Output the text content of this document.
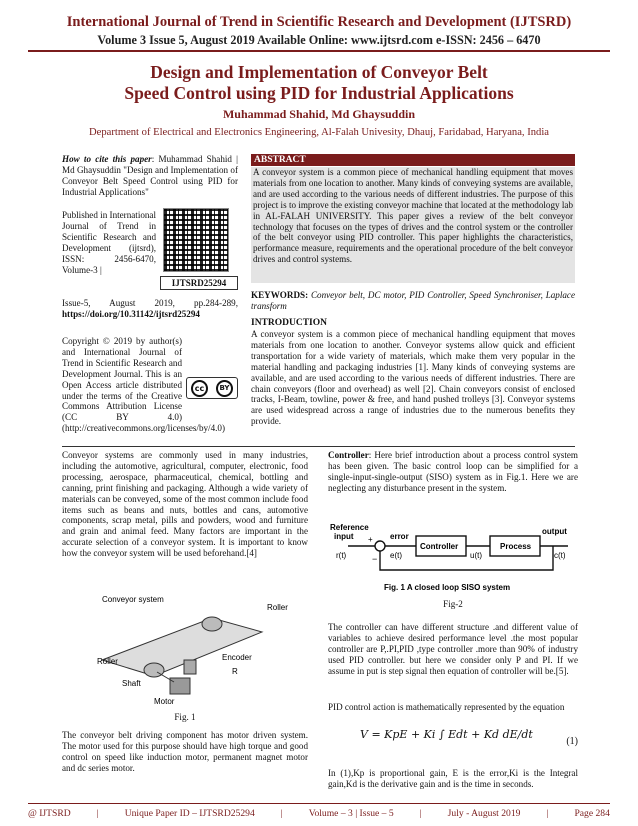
International Journal of Trend in Scientific Research and Development (IJTSRD)
Volume 3 Issue 5, August 2019 Available Online: www.ijtsrd.com e-ISSN: 2456 – 6470
Design and Implementation of Conveyor Belt
Speed Control using PID for Industrial Applications
Muhammad Shahid, Md Ghaysuddin
Department of Electrical and Electronics Engineering, Al-Falah Univesity, Dhauj, Faridabad, Haryana, India
How to cite this paper: Muhammad Shahid | Md Ghaysuddin "Design and Implementation of Conveyor Belt Speed Control using PID for Industrial Applications"
Published in International Journal of Trend in Scientific Research and Development (ijtsrd), ISSN: 2456-6470, Volume-3 |
IJTSRD25294
Issue-5, August 2019, pp.284-289, https://doi.org/10.31142/ijtsrd25294
Copyright © 2019 by author(s) and International Journal of Trend in Scientific Research and Development Journal. This is an Open Access article distributed under the terms of the Creative Commons Attribution License (CC BY 4.0) (http://creativecommons.org/licenses/by/4.0)
cc	BY
ABSTRACT
A conveyor system is a common piece of mechanical handling equipment that moves materials from one location to another. Many kinds of conveying systems are available, and are used according to the various needs of different industries. The purpose of this project is to improve the existing conveyor machine that located at the methodology lab in AL-FALAH UNIVERSITY. This paper gives a review of the belt conveyor technology that focuses on the types of drives and the control system or the controller of the belt conveyor using PID controller. This paper highlights the characteristics, performance measure, requirements and the operational procedure of the belt conveyor drives and control systems.
KEYWORDS: Conveyor belt, DC motor, PID Controller, Speed Synchroniser, Laplace transform
INTRODUCTION
A conveyor system is a common piece of mechanical handling equipment that moves materials from one location to another. Conveyor systems allow quick and efficient transportation for a wide variety of materials, which make them very popular in the material handling and packaging industries [1]. Many kinds of conveying systems are available, and are used according to the various needs of different industries. There are chain conveyors (floor and overhead) as well [2]. Chain conveyors consist of enclosed tracks, I-Beam, towline, power & free, and hand pushed trolleys [3]. Conveyor systems are used widespread across a range of industries due to the numerous benefits they provide.
Conveyor systems are commonly used in many industries, including the automotive, agricultural, computer, electronic, food processing, aerospace, pharmaceutical, chemical, bottling and canning, print finishing and packaging. Although a wide variety of materials can be conveyed, some of the most common include food items such as beans and nuts, bottles and cans, automotive components, scrap metal, pills and powders, wood and furniture and grain and animal feed. Many factors are important in the accurate selection of a conveyor system. It is important to know how the conveyor system will be used beforehand.[4]
Conveyor system
Roller
Roller	Encoder
R
Shaft
Motor
Fig. 1
The conveyor belt driving component has motor driven system. The motor used for this purpose should have high torque and good control on speed like induction motor, permanent magnet motor and dc series motor.
Controller: Here brief introduction about a process control system has been given. The basic control loop can be simplified for a single-input-single-output (SISO) system as in Fig.1. Here we are neglecting any disturbance present in the system.
Reference
input	error
output
r(t)	e(t)	u(t)	c(t)
Controller	Process
+
−
Fig. 1 A closed loop SISO system
Fig-2
The controller can have different structure .and different value of variables to achieve desired performance level .the most popular controller are P,.PI,PID ,type controller .more than 90% of industry used PID controller. but here we consider only P and PI. If we assume in put is step signal then equation of controller will be.[5].
PID control action is mathematically represented by the equation
V = KpE + Ki ∫ Edt + Kd dE/dt
(1)
In (1),Kp is proportional gain, E is the error,Ki is the Integral gain,Kd is the derivative gain and is the time in seconds.
@ IJTSRD	|	Unique Paper ID – IJTSRD25294	|	Volume – 3 | Issue – 5	|	July - August 2019	|	Page 284
